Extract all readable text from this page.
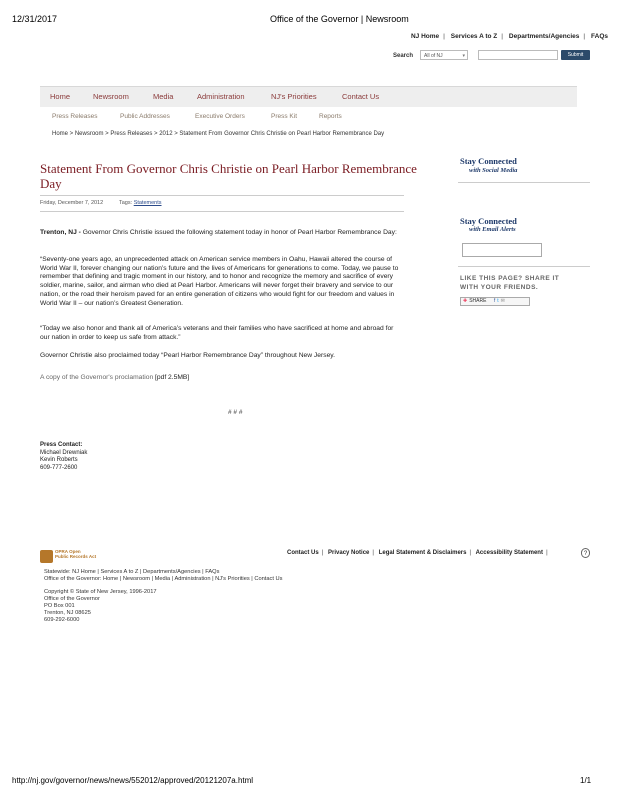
12/31/2017	Office of the Governor | Newsroom
NJ Home | Services A to Z | Departments/Agencies | FAQs
Search	All of NJ	▾	Submit
Home	Newsroom	Media	Administration	NJ's Priorities	Contact Us
Press Releases	Public Addresses	Executive Orders	Press Kit	Reports
Home > Newsroom > Press Releases > 2012 > Statement From Governor Chris Christie on Pearl Harbor Remembrance Day
Statement From Governor Chris Christie on Pearl Harbor Remembrance Day
Friday, December 7, 2012	Tags: Statements
Trenton, NJ - Governor Chris Christie issued the following statement today in honor of Pearl Harbor Remembrance Day:
“Seventy-one years ago, an unprecedented attack on American service members in Oahu, Hawaii altered the course of World War II, forever changing our nation’s future and the lives of Americans for generations to come. Today, we pause to remember that defining and tragic moment in our history, and to honor and recognize the memory and sacrifice of every soldier, marine, sailor, and airman who died at Pearl Harbor. Americans will never forget their bravery and service to our nation, or the road their heroism paved for an entire generation of citizens who would fight for our freedom and values in World War II – our nation’s Greatest Generation.
“Today we also honor and thank all of America’s veterans and their families who have sacrificed at home and abroad for our nation in order to keep us safe from attack.”
Governor Christie also proclaimed today “Pearl Harbor Remembrance Day” throughout New Jersey.
A copy of the Governor's proclamation [pdf 2.5MB]
# # #
Press Contact:
Michael Drewniak
Kevin Roberts
609-777-2600
Stay Connected
with Social Media
Stay Connected
with Email Alerts
LIKE THIS PAGE? SHARE IT
WITH YOUR FRIENDS.
✚ SHARE f t ✉
OPRA Open
Public Records Act
Contact Us | Privacy Notice | Legal Statement & Disclaimers | Accessibility Statement |	?
Statewide: NJ Home | Services A to Z | Departments/Agencies | FAQs
Office of the Governor: Home | Newsroom | Media | Administration | NJ's Priorities | Contact Us
Copyright © State of New Jersey, 1996-2017
Office of the Governor
PO Box 001
Trenton, NJ 08625
609-292-6000
http://nj.gov/governor/news/news/552012/approved/20121207a.html	1/1
